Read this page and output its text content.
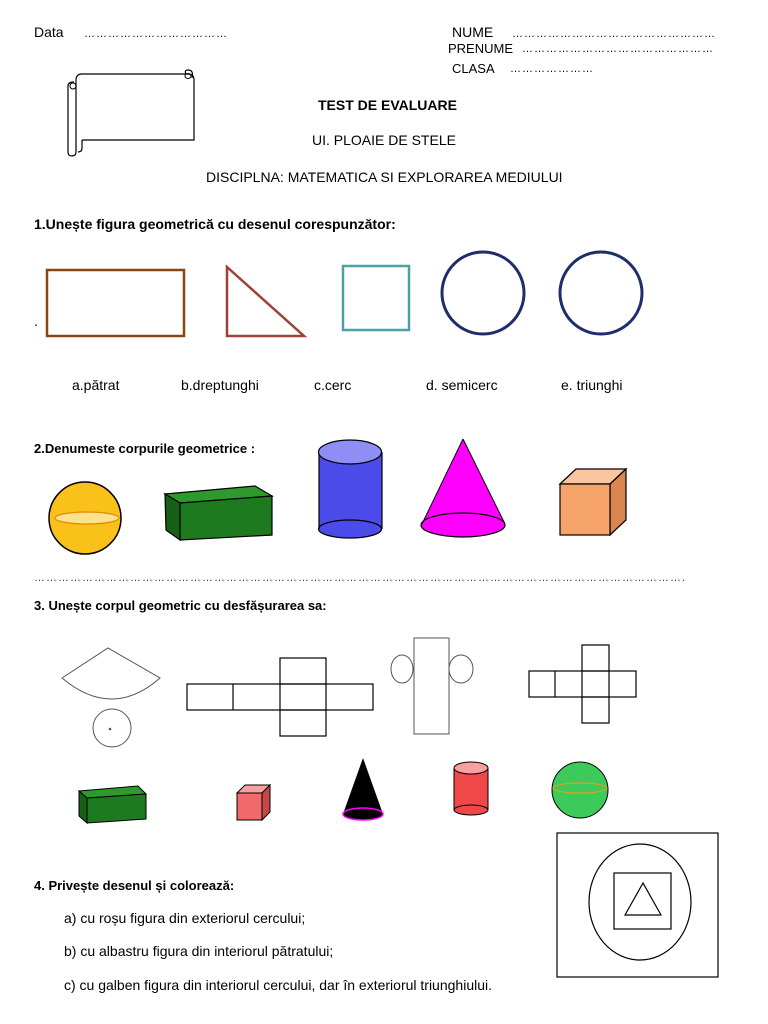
Data ………………………………	NUME ……………………………………………
PRENUME …………………………………………
CLASA …………………
TEST DE EVALUARE
UI. PLOAIE DE STELE
DISCIPLNA: MATEMATICA SI EXPLORAREA MEDIULUI
1.Unește figura geometrică cu desenul corespunzător:
.
a.pătrat	b.dreptunghi	c.cerc	d. semicerc	e. triunghi
2.Denumeste corpurile geometrice :
……………………………………………………………………………………………………………………………………………….
3. Unește corpul geometric cu desfășurarea sa:
4. Privește desenul și colorează:
a) cu roșu figura din exteriorul cercului;
b) cu albastru figura din interiorul pătratului;
c) cu galben figura din interiorul cercului, dar în exteriorul triunghiului.
